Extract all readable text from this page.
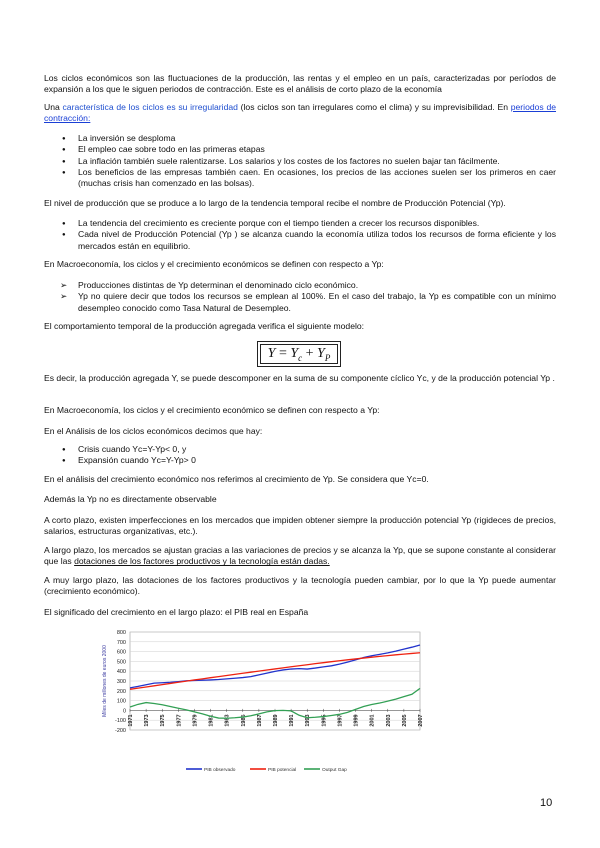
Los ciclos económicos son las fluctuaciones de la producción, las rentas y el empleo en un país, caracterizadas por períodos de expansión a los que le siguen periodos de contracción. Este es el análisis de corto plazo de la economía

Una característica de los ciclos es su irregularidad (los ciclos son tan irregulares como el clima) y su imprevisibilidad. En periodos de contracción:

● La inversión se desploma
● El empleo cae sobre todo en las primeras etapas
● La inflación también suele ralentizarse. Los salarios y los costes de los factores no suelen bajar tan fácilmente.
● Los beneficios de las empresas también caen. En ocasiones, los precios de las acciones suelen ser los primeros en caer (muchas crisis han comenzado en las bolsas).

El nivel de producción que se produce a lo largo de la tendencia temporal recibe el nombre de Producción Potencial (Yp).

● La tendencia del crecimiento es creciente porque con el tiempo tienden a crecer los recursos disponibles.
● Cada nivel de Producción Potencial (Yp ) se alcanza cuando la economía utiliza todos los recursos de forma eficiente y los mercados están en equilibrio.

En Macroeconomía, los ciclos y el crecimiento económicos se definen con respecto a Yp:

➢ Producciones distintas de Yp determinan el denominado ciclo económico.
➢ Yp no quiere decir que todos los recursos se emplean al 100%. En el caso del trabajo, la Yp es compatible con un mínimo desempleo conocido como Tasa Natural de Desempleo.

El comportamiento temporal de la producción agregada verifica el siguiente modelo:

$Y = Y_c + Y_P$

Es decir, la producción agregada Y, se puede descomponer en la suma de su componente cíclico Yc, y de la producción potencial Yp .

En Macroeconomía, los ciclos y el crecimiento económico se definen con respecto a Yp:

En el Análisis de los ciclos económicos decimos que hay:

● Crisis cuando Yc=Y-Yp< 0, y
● Expansión cuando Yc=Y-Yp> 0

En el análisis del crecimiento económico nos referimos al crecimiento de Yp. Se considera que Yc=0.

Además la Yp no es directamente observable

A corto plazo, existen imperfecciones en los mercados que impiden obtener siempre la producción potencial Yp (rigideces de precios, salarios, estructuras organizativas, etc.).

A largo plazo, los mercados se ajustan gracias a las variaciones de precios y se alcanza la Yp, que se supone constante al considerar que las dotaciones de los factores productivos y la tecnología están dadas.

A muy largo plazo, las dotaciones de los factores productivos y la tecnología pueden cambiar, por lo que la Yp puede aumentar (crecimiento económico).

El significado del crecimiento en el largo plazo: el PIB real en España

-200
-100
0
100
200
300
400
500
600
700
800
1971 1973 1975 1977 1979 1981 1983 1985 1987 1989 1991 1993 1995 1997 1999 2001 2003 2005 2007
Miles de millones de euros 2000
PIB observado	PIB potencial	Output Gap
10
